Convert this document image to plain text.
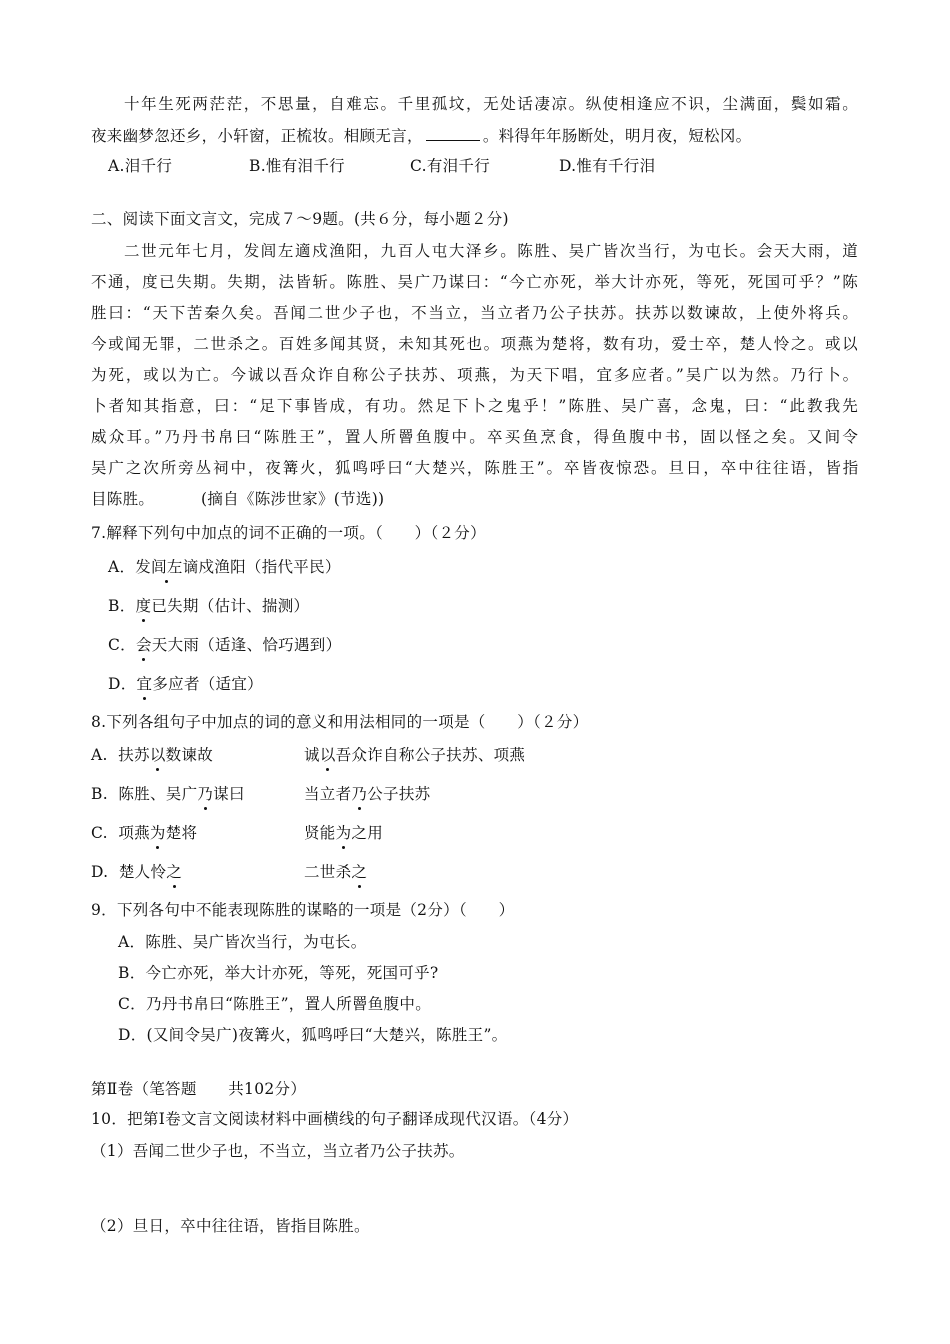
十年生死两茫茫，不思量，自难忘。千里孤坟，无处话凄凉。纵使相逢应不识，尘满面，鬓如霜。
夜来幽梦忽还乡，小轩窗，正梳妆。相顾无言，	。料得年年肠断处，明月夜，短松冈。
A.泪千行	B.惟有泪千行	C.有泪千行	D.惟有千行泪
二、阅读下面文言文，完成７～9题。(共６分，每小题２分)
二世元年七月，发闾左適戍渔阳，九百人屯大泽乡。陈胜、吴广皆次当行，为屯长。会天大雨，道
不通，度已失期。失期，法皆斩。陈胜、吴广乃谋曰：“今亡亦死，举大计亦死，等死，死国可乎？”陈
胜曰：“天下苦秦久矣。吾闻二世少子也，不当立，当立者乃公子扶苏。扶苏以数谏故，上使外将兵。
今或闻无罪，二世杀之。百姓多闻其贤，未知其死也。项燕为楚将，数有功，爱士卒，楚人怜之。或以
为死，或以为亡。今诚以吾众诈自称公子扶苏、项燕，为天下唱，宜多应者。”吴广以为然。乃行卜。
卜者知其指意，曰：“足下事皆成，有功。然足下卜之鬼乎！”陈胜、吴广喜，念鬼，曰：“此教我先
威众耳。”乃丹书帛曰“陈胜王”，置人所罾鱼腹中。卒买鱼烹食，得鱼腹中书，固以怪之矣。又间令
吴广之次所旁丛祠中，夜篝火，狐鸣呼曰“大楚兴，陈胜王”。卒皆夜惊恐。旦日，卒中往往语，皆指
目陈胜。	(摘自《陈涉世家》(节选))
7.解释下列句中加点的词不正确的一项。（　　）（２分）
A．发闾左谪戍渔阳（指代平民）
B．度已失期（估计、揣测）
C．会天大雨（适逢、恰巧遇到）
D．宜多应者（适宜）
8.下列各组句子中加点的词的意义和用法相同的一项是（　　）（２分）
A. 扶苏以数谏故	诚以吾众诈自称公子扶苏、项燕
B. 陈胜、吴广乃谋曰	当立者乃公子扶苏
C. 项燕为楚将	贤能为之用
D. 楚人怜之	二世杀之
9．下列各句中不能表现陈胜的谋略的一项是（2分）（　　）
A．陈胜、吴广皆次当行，为屯长。
B．今亡亦死，举大计亦死，等死，死国可乎?
C．乃丹书帛曰“陈胜王”，置人所罾鱼腹中。
D．(又间令吴广)夜篝火，狐鸣呼曰“大楚兴，陈胜王”。
第Ⅱ卷（笔答题　　共102分）
10．把第Ⅰ卷文言文阅读材料中画横线的句子翻译成现代汉语。（4分）
（1）吾闻二世少子也，不当立，当立者乃公子扶苏。
（2）旦日，卒中往往语，皆指目陈胜。
